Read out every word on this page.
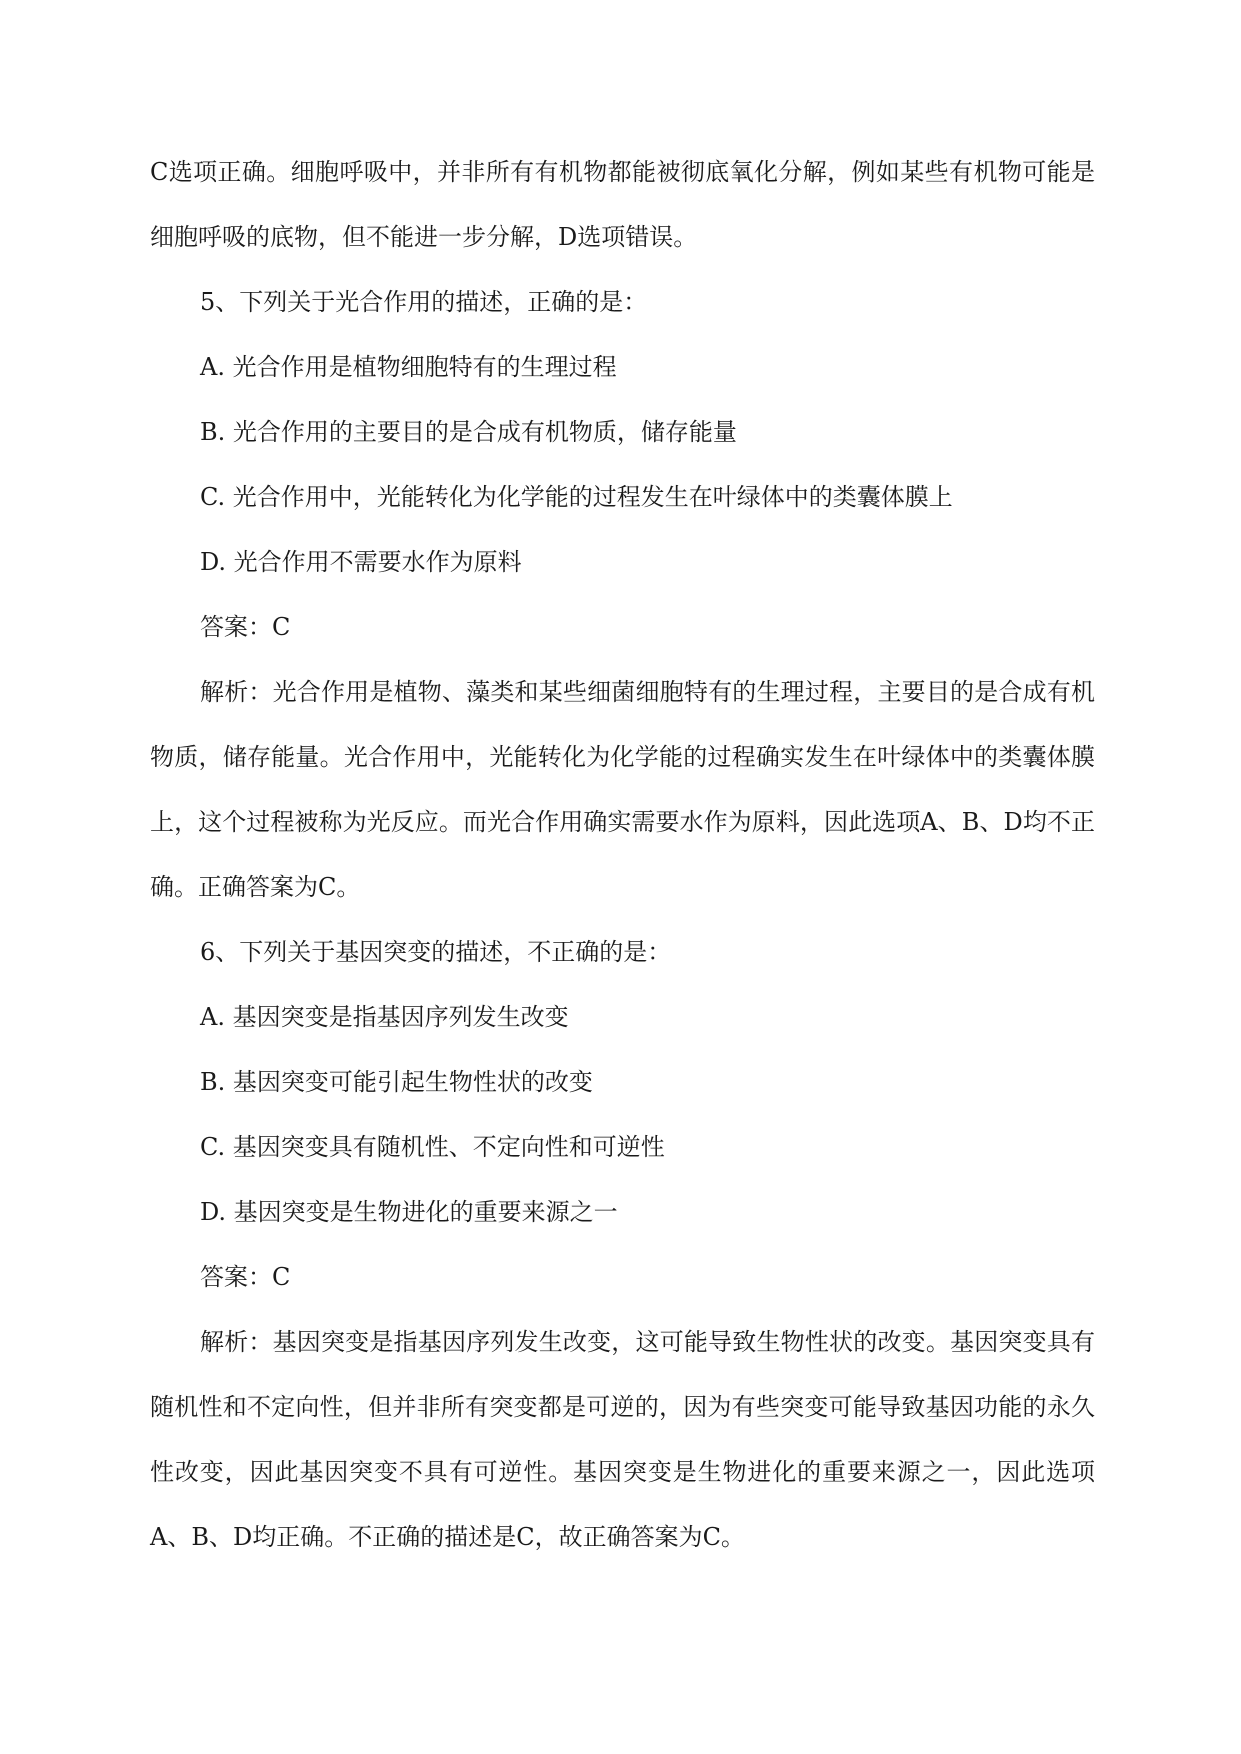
C选项正确。细胞呼吸中，并非所有有机物都能被彻底氧化分解，例如某些有机物可能是细胞呼吸的底物，但不能进一步分解，D选项错误。

5、下列关于光合作用的描述，正确的是：

A. 光合作用是植物细胞特有的生理过程

B. 光合作用的主要目的是合成有机物质，储存能量

C. 光合作用中，光能转化为化学能的过程发生在叶绿体中的类囊体膜上

D. 光合作用不需要水作为原料

答案：C

解析：光合作用是植物、藻类和某些细菌细胞特有的生理过程，主要目的是合成有机物质，储存能量。光合作用中，光能转化为化学能的过程确实发生在叶绿体中的类囊体膜上，这个过程被称为光反应。而光合作用确实需要水作为原料，因此选项A、B、D均不正确。正确答案为C。

6、下列关于基因突变的描述，不正确的是：

A. 基因突变是指基因序列发生改变

B. 基因突变可能引起生物性状的改变

C. 基因突变具有随机性、不定向性和可逆性

D. 基因突变是生物进化的重要来源之一

答案：C

解析：基因突变是指基因序列发生改变，这可能导致生物性状的改变。基因突变具有随机性和不定向性，但并非所有突变都是可逆的，因为有些突变可能导致基因功能的永久性改变，因此基因突变不具有可逆性。基因突变是生物进化的重要来源之一，因此选项A、B、D均正确。不正确的描述是C，故正确答案为C。
